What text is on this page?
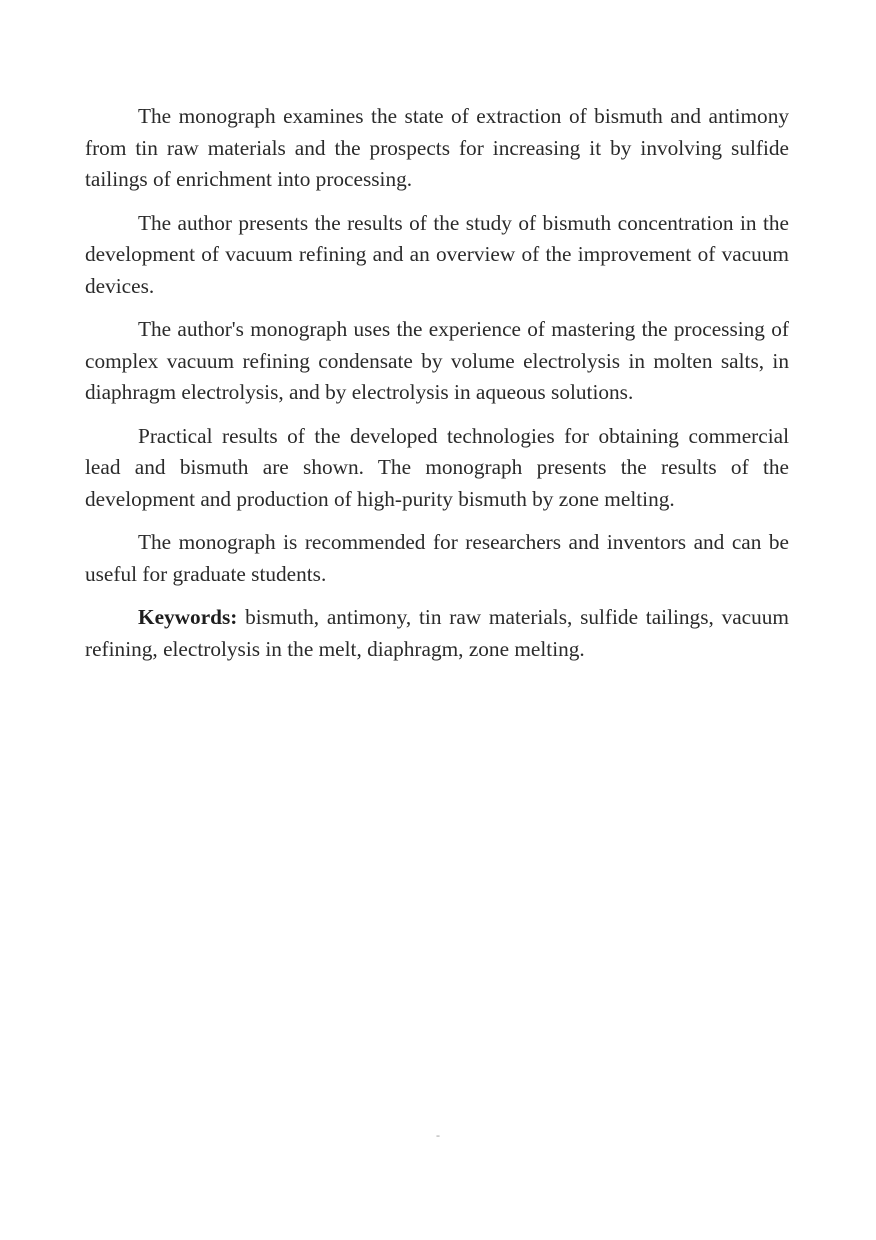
The monograph examines the state of extraction of bismuth and antimony from tin raw materials and the prospects for increasing it by involving sulfide tailings of enrichment into processing.

The author presents the results of the study of bismuth concentration in the development of vacuum refining and an overview of the improvement of vacuum devices.

The author's monograph uses the experience of mastering the processing of complex vacuum refining condensate by volume electrolysis in molten salts, in diaphragm electrolysis, and by electrolysis in aqueous solutions.

Practical results of the developed technologies for obtaining commercial lead and bismuth are shown. The monograph presents the results of the development and production of high-purity bismuth by zone melting.

The monograph is recommended for researchers and inventors and can be useful for graduate students.

Keywords: bismuth, antimony, tin raw materials, sulfide tailings, vacuum refining, electrolysis in the melt, diaphragm, zone melting.

-
